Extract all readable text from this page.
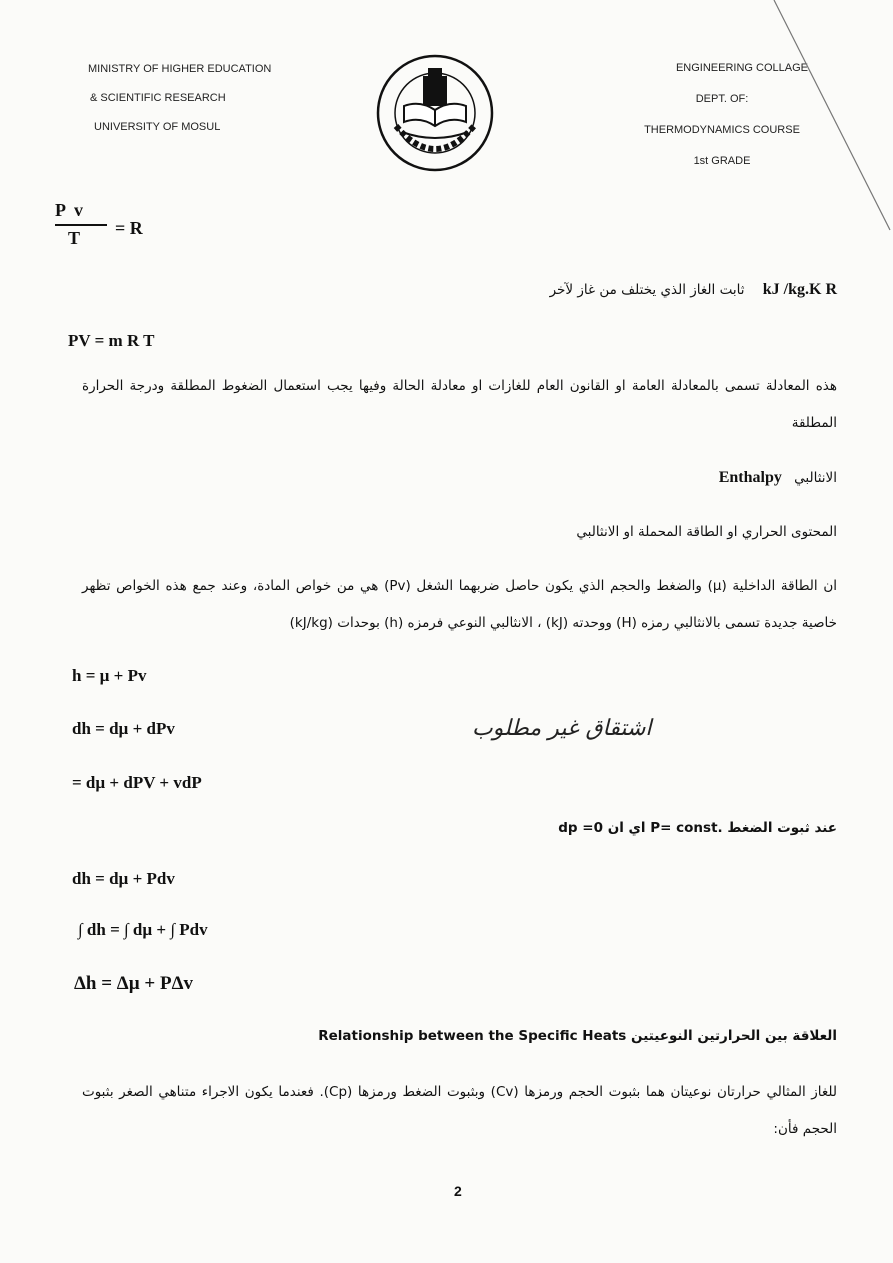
MINISTRY OF HIGHER EDUCATION
& SCIENTIFIC RESEARCH
UNIVERSITY OF MOSUL
ENGINEERING COLLAGE
DEPT. OF:
THERMODYNAMICS COURSE
1st GRADE
P  v
T	= R
kJ /kg.K R ثابت الغاز الذي يختلف من غاز لآخر
PV = m R T
هذه المعادلة تسمى بالمعادلة العامة او القانون العام للغازات او معادلة الحالة وفيها يجب استعمال الضغوط المطلقة ودرجة الحرارة المطلقة
الانثالبي Enthalpy
المحتوى الحراري او الطاقة المحملة او الانثالبي
ان الطاقة الداخلية (µ) والضغط والحجم الذي يكون حاصل ضربهما الشغل (Pv) هي من خواص المادة، وعند جمع هذه الخواص تظهر خاصية جديدة تسمى بالانثالبي رمزه (H) ووحدته (kJ) ، الانثالبي النوعي فرمزه (h) بوحدات (kJ/kg)
h = µ + Pv
dh = dµ + dPv	اشتقاق غير مطلوب
= dµ + dPV + vdP
عند ثبوت الضغط .P= const اي ان dp =0
dh = dµ + Pdv
∫ dh = ∫ dµ + ∫ Pdv
Δh = Δµ + PΔv
العلاقة بين الحرارتين النوعيتين Relationship between the Specific Heats
للغاز المثالي حرارتان نوعيتان هما بثبوت الحجم ورمزها (Cv) وبثبوت الضغط ورمزها (Cp). فعندما يكون الاجراء متناهي الصغر بثبوت الحجم فأن:
2
